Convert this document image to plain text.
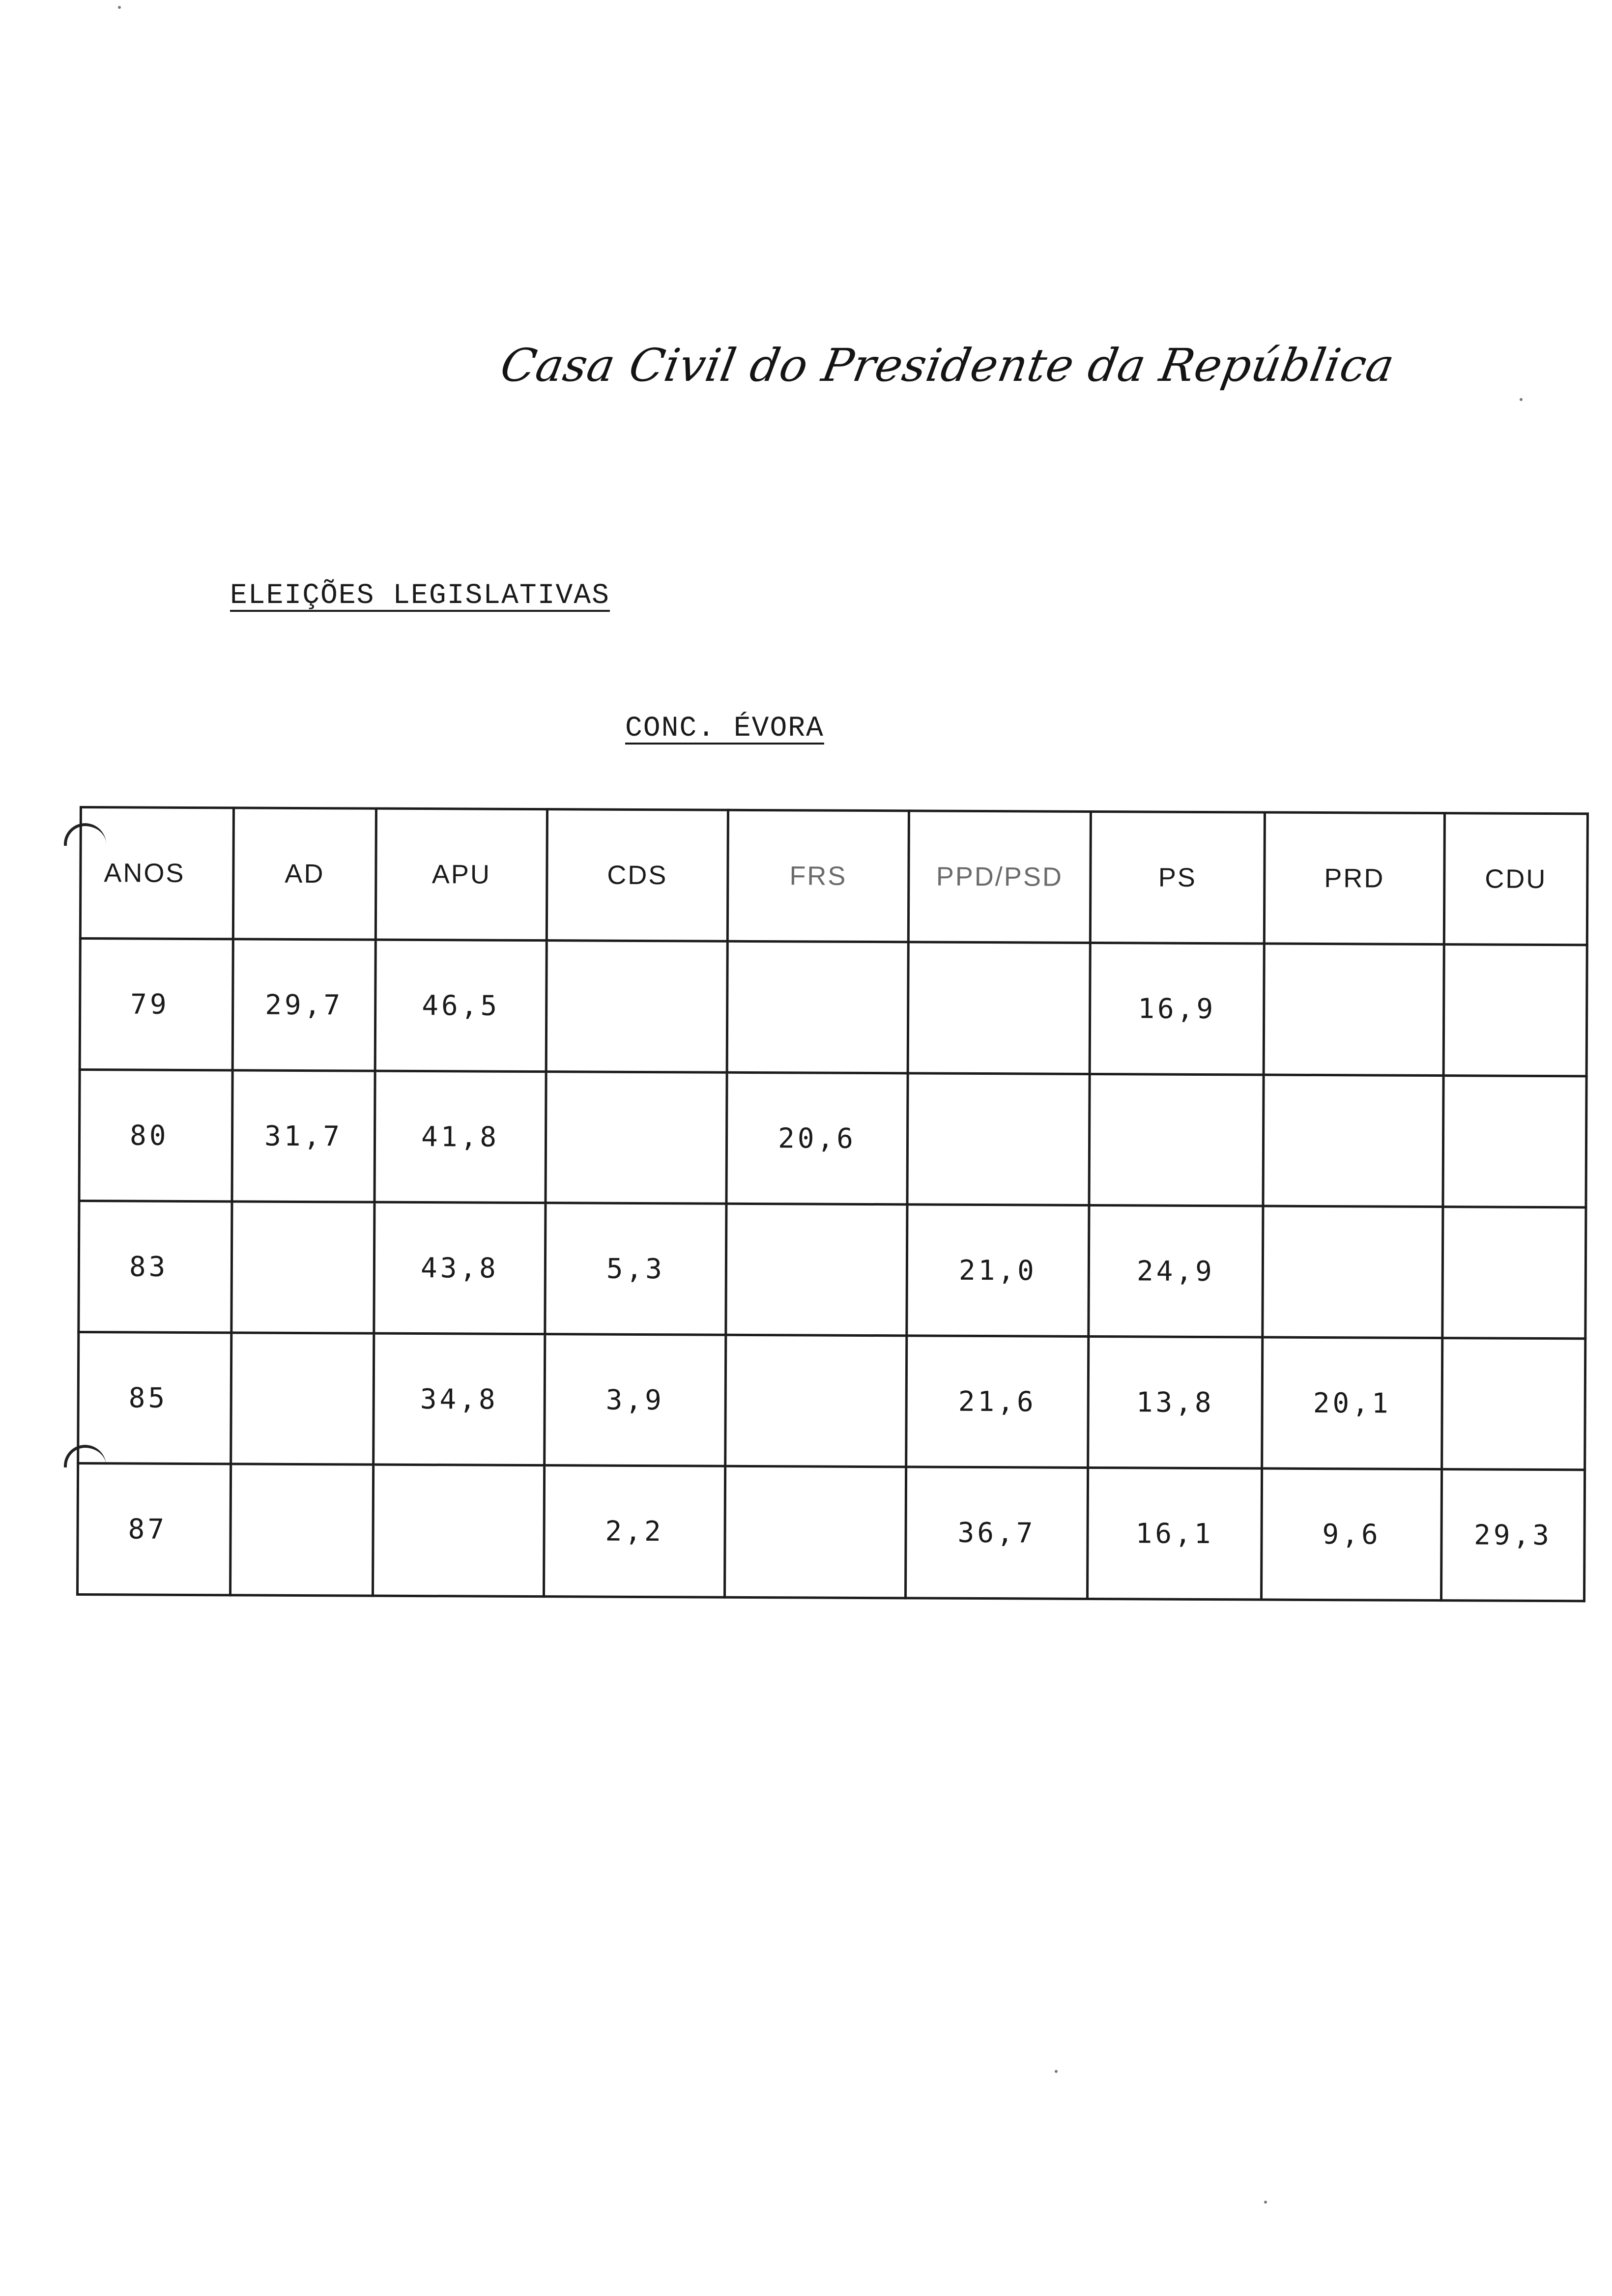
Casa Civil do Presidente da República
ELEIÇÕES LEGISLATIVAS
CONC. ÉVORA
ANOS	AD	APU	CDS	FRS	PPD/PSD	PS	PRD	CDU
79	29,7	46,5				16,9		
80	31,7	41,8		20,6				
83		43,8	5,3		21,0	24,9		
85		34,8	3,9		21,6	13,8	20,1	
87			2,2		36,7	16,1	9,6	29,3
